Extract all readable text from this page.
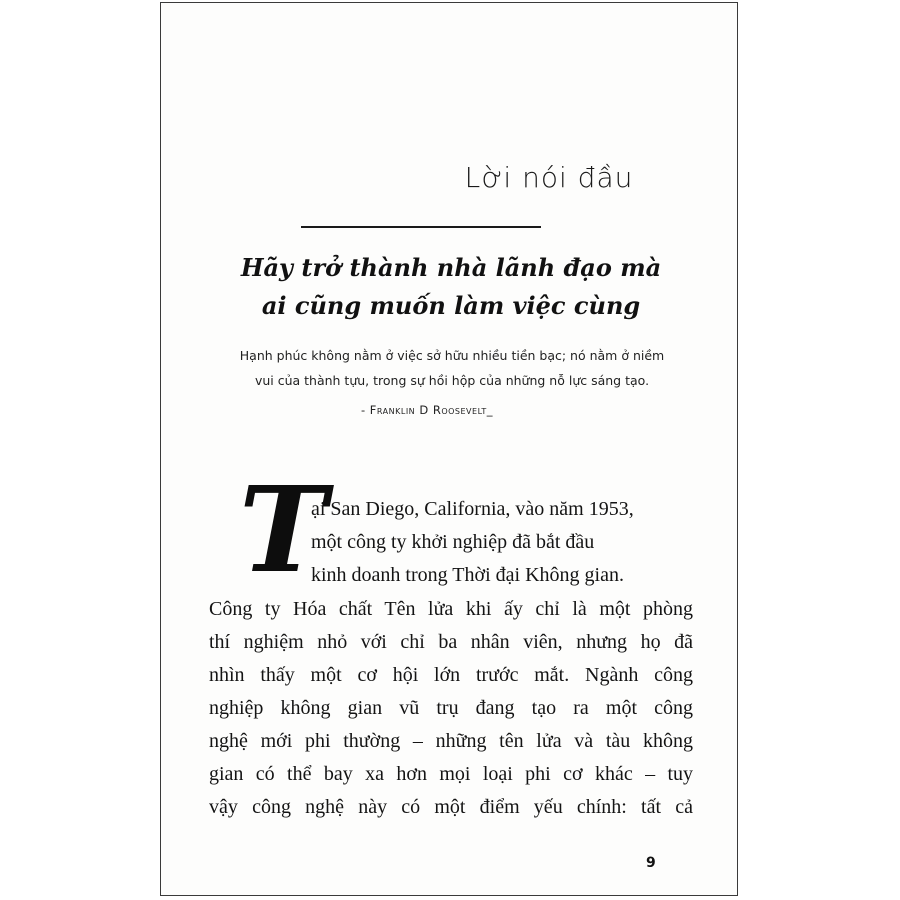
Lời nói đầu
Hãy trở thành nhà lãnh đạo mà
ai cũng muốn làm việc cùng
Hạnh phúc không nằm ở việc sở hữu nhiều tiền bạc; nó nằm ở niềm
vui của thành tựu, trong sự hồi hộp của những nỗ lực sáng tạo.
- Franklin D Roosevelt_
T
ại San Diego, California, vào năm 1953,
một công ty khởi nghiệp đã bắt đầu
kinh doanh trong Thời đại Không gian.
Công ty Hóa chất Tên lửa khi ấy chỉ là một phòng
thí nghiệm nhỏ với chỉ ba nhân viên, nhưng họ đã
nhìn thấy một cơ hội lớn trước mắt. Ngành công
nghiệp không gian vũ trụ đang tạo ra một công
nghệ mới phi thường – những tên lửa và tàu không
gian có thể bay xa hơn mọi loại phi cơ khác – tuy
vậy công nghệ này có một điểm yếu chính: tất cả
9
